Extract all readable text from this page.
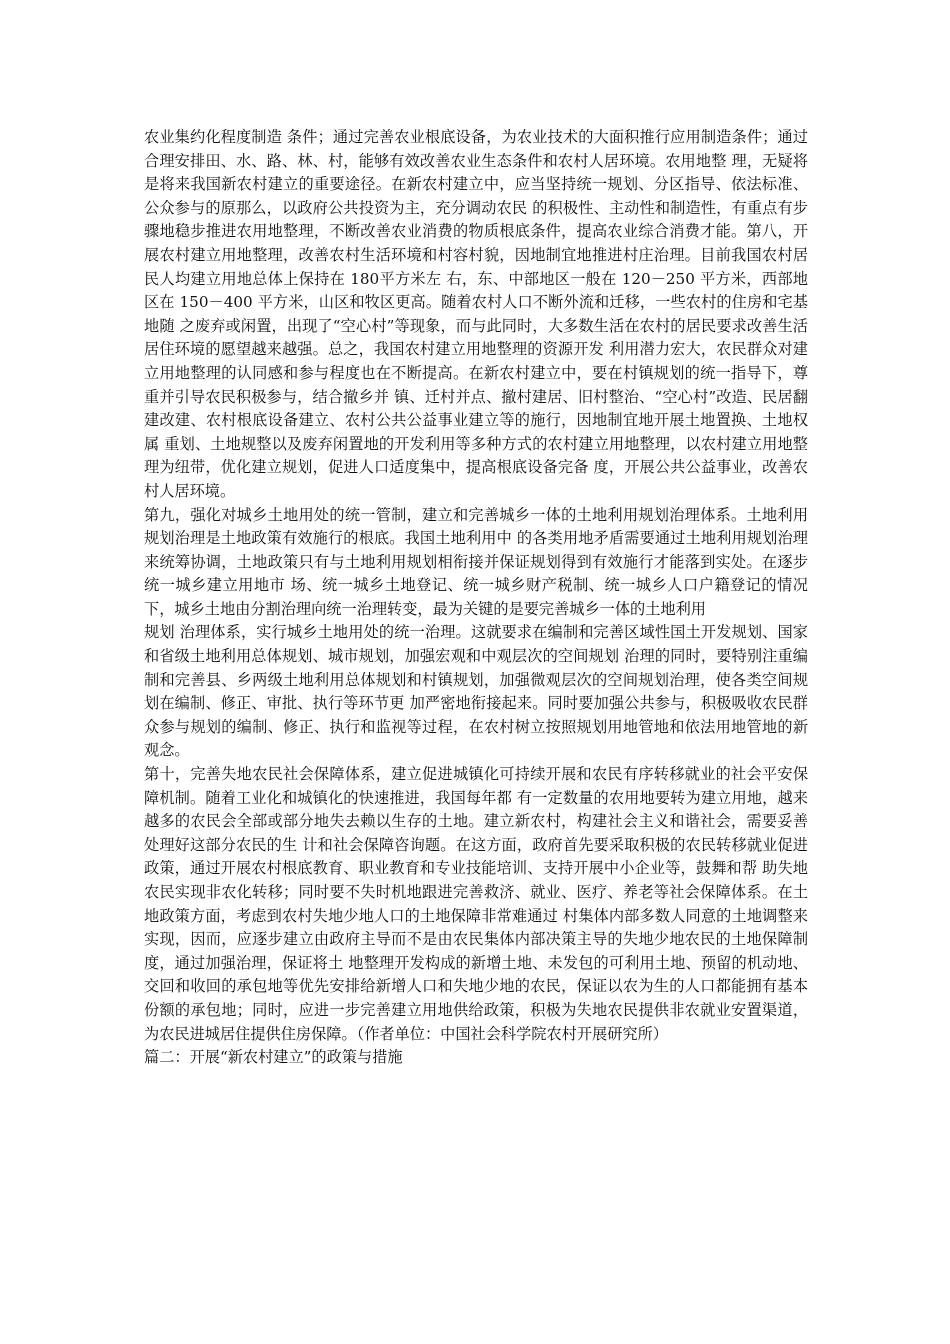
农业集约化程度制造 条件；通过完善农业根底设备，为农业技术的大面积推行应用制造条件；通过合理安排田、水、路、林、村，能够有效改善农业生态条件和农村人居环境。农用地整 理，无疑将是将来我国新农村建立的重要途径。在新农村建立中，应当坚持统一规划、分区指导、依法标准、公众参与的原那么，以政府公共投资为主，充分调动农民 的积极性、主动性和制造性，有重点有步骤地稳步推进农用地整理，不断改善农业消费的物质根底条件，提高农业综合消费才能。第八，开展农村建立用地整理，改善农村生活环境和村容村貌，因地制宜地推进村庄治理。目前我国农村居民人均建立用地总体上保持在 180平方米左 右，东、中部地区一般在 120－250 平方米，西部地区在 150－400 平方米，山区和牧区更高。随着农村人口不断外流和迁移，一些农村的住房和宅基地随 之废弃或闲置，出现了“空心村”等现象，而与此同时，大多数生活在农村的居民要求改善生活居住环境的愿望越来越强。总之，我国农村建立用地整理的资源开发 利用潜力宏大，农民群众对建立用地整理的认同感和参与程度也在不断提高。在新农村建立中，要在村镇规划的统一指导下，尊重并引导农民积极参与，结合撤乡并 镇、迁村并点、撤村建居、旧村整治、“空心村”改造、民居翻建改建、农村根底设备建立、农村公共公益事业建立等的施行，因地制宜地开展土地置换、土地权属 重划、土地规整以及废弃闲置地的开发利用等多种方式的农村建立用地整理，以农村建立用地整理为纽带，优化建立规划，促进人口适度集中，提高根底设备完备 度，开展公共公益事业，改善农村人居环境。

第九，强化对城乡土地用处的统一管制，建立和完善城乡一体的土地利用规划治理体系。土地利用规划治理是土地政策有效施行的根底。我国土地利用中 的各类用地矛盾需要通过土地利用规划治理来统筹协调，土地政策只有与土地利用规划相衔接并保证规划得到有效施行才能落到实处。在逐步统一城乡建立用地市 场、统一城乡土地登记、统一城乡财产税制、统一城乡人口户籍登记的情况下，城乡土地由分割治理向统一治理转变，最为关键的是要完善城乡一体的土地利用

规划 治理体系，实行城乡土地用处的统一治理。这就要求在编制和完善区域性国土开发规划、国家和省级土地利用总体规划、城市规划，加强宏观和中观层次的空间规划 治理的同时，要特别注重编制和完善县、乡两级土地利用总体规划和村镇规划，加强微观层次的空间规划治理，使各类空间规划在编制、修正、审批、执行等环节更 加严密地衔接起来。同时要加强公共参与，积极吸收农民群众参与规划的编制、修正、执行和监视等过程，在农村树立按照规划用地管地和依法用地管地的新观念。

第十，完善失地农民社会保障体系，建立促进城镇化可持续开展和农民有序转移就业的社会平安保障机制。随着工业化和城镇化的快速推进，我国每年都 有一定数量的农用地要转为建立用地，越来越多的农民会全部或部分地失去赖以生存的土地。建立新农村，构建社会主义和谐社会，需要妥善处理好这部分农民的生 计和社会保障咨询题。在这方面，政府首先要采取积极的农民转移就业促进政策，通过开展农村根底教育、职业教育和专业技能培训、支持开展中小企业等，鼓舞和帮 助失地农民实现非农化转移；同时要不失时机地跟进完善救济、就业、医疗、养老等社会保障体系。在土地政策方面，考虑到农村失地少地人口的土地保障非常难通过 村集体内部多数人同意的土地调整来实现，因而，应逐步建立由政府主导而不是由农民集体内部决策主导的失地少地农民的土地保障制度，通过加强治理，保证将土 地整理开发构成的新增土地、未发包的可利用土地、预留的机动地、交回和收回的承包地等优先安排给新增人口和失地少地的农民，保证以农为生的人口都能拥有基本份额的承包地；同时，应进一步完善建立用地供给政策，积极为失地农民提供非农就业安置渠道，为农民进城居住提供住房保障。（作者单位：中国社会科学院农村开展研究所）

篇二：开展“新农村建立”的政策与措施
